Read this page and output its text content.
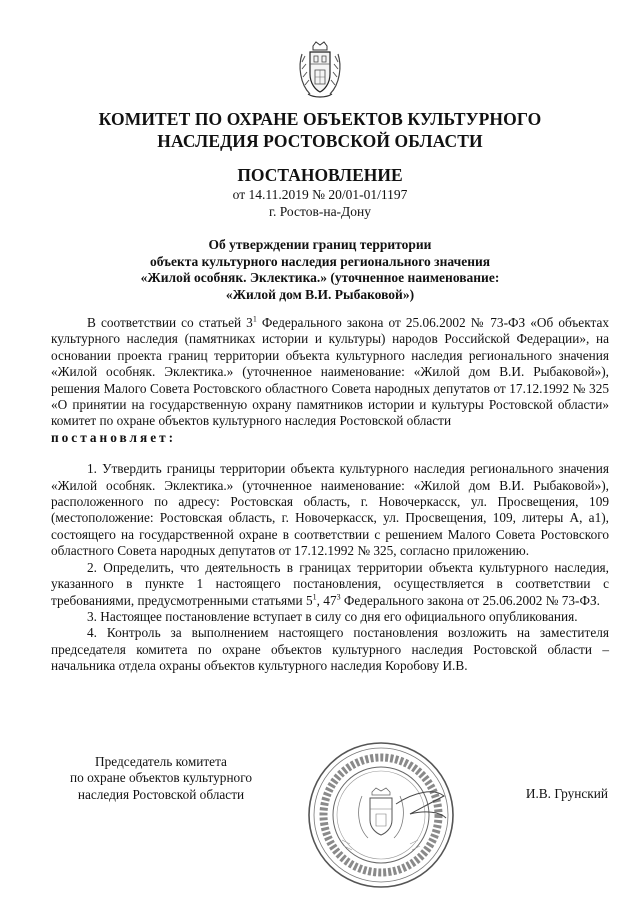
КОМИТЕТ ПО ОХРАНЕ ОБЪЕКТОВ КУЛЬТУРНОГО
НАСЛЕДИЯ РОСТОВСКОЙ ОБЛАСТИ
ПОСТАНОВЛЕНИЕ
от 14.11.2019 № 20/01-01/1197
г. Ростов-на-Дону
Об утверждении границ территории
объекта культурного наследия регионального значения
«Жилой особняк. Эклектика.» (уточненное наименование:
«Жилой дом В.И. Рыбаковой»)

В соответствии со статьей $3^1$ Федерального закона от 25.06.2002 № 73-ФЗ «Об объектах культурного наследия (памятниках истории и культуры) народов Российской Федерации», на основании проекта границ территории объекта культурного наследия регионального значения «Жилой особняк. Эклектика.» (уточненное наименование: «Жилой дом В.И. Рыбаковой»), решения Малого Совета Ростовского областного Совета народных депутатов от 17.12.1992 № 325 «О принятии на государственную охрану памятников истории и культуры Ростовской области» комитет по охране объектов культурного наследия Ростовской области

постановляет:

1. Утвердить границы территории объекта культурного наследия регионального значения «Жилой особняк. Эклектика.» (уточненное наименование: «Жилой дом В.И. Рыбаковой»), расположенного по адресу: Ростовская область, г. Новочеркасск, ул. Просвещения, 109 (местоположение: Ростовская область, г. Новочеркасск, ул. Просвещения, 109, литеры А, а1), состоящего на государственной охране в соответствии с решением Малого Совета Ростовского областного Совета народных депутатов от 17.12.1992 № 325, согласно приложению.

2. Определить, что деятельность в границах территории объекта культурного наследия, указанного в пункте 1 настоящего постановления, осуществляется в соответствии с требованиями, предусмотренными статьями $5^1$, $47^3$ Федерального закона от 25.06.2002 № 73-ФЗ.

3. Настоящее постановление вступает в силу со дня его официального опубликования.

4. Контроль за выполнением настоящего постановления возложить на заместителя председателя комитета по охране объектов культурного наследия Ростовской области – начальника отдела охраны объектов культурного наследия Коробову И.В.

Председатель комитета
по охране объектов культурного
наследия Ростовской области	И.В. Грунский
